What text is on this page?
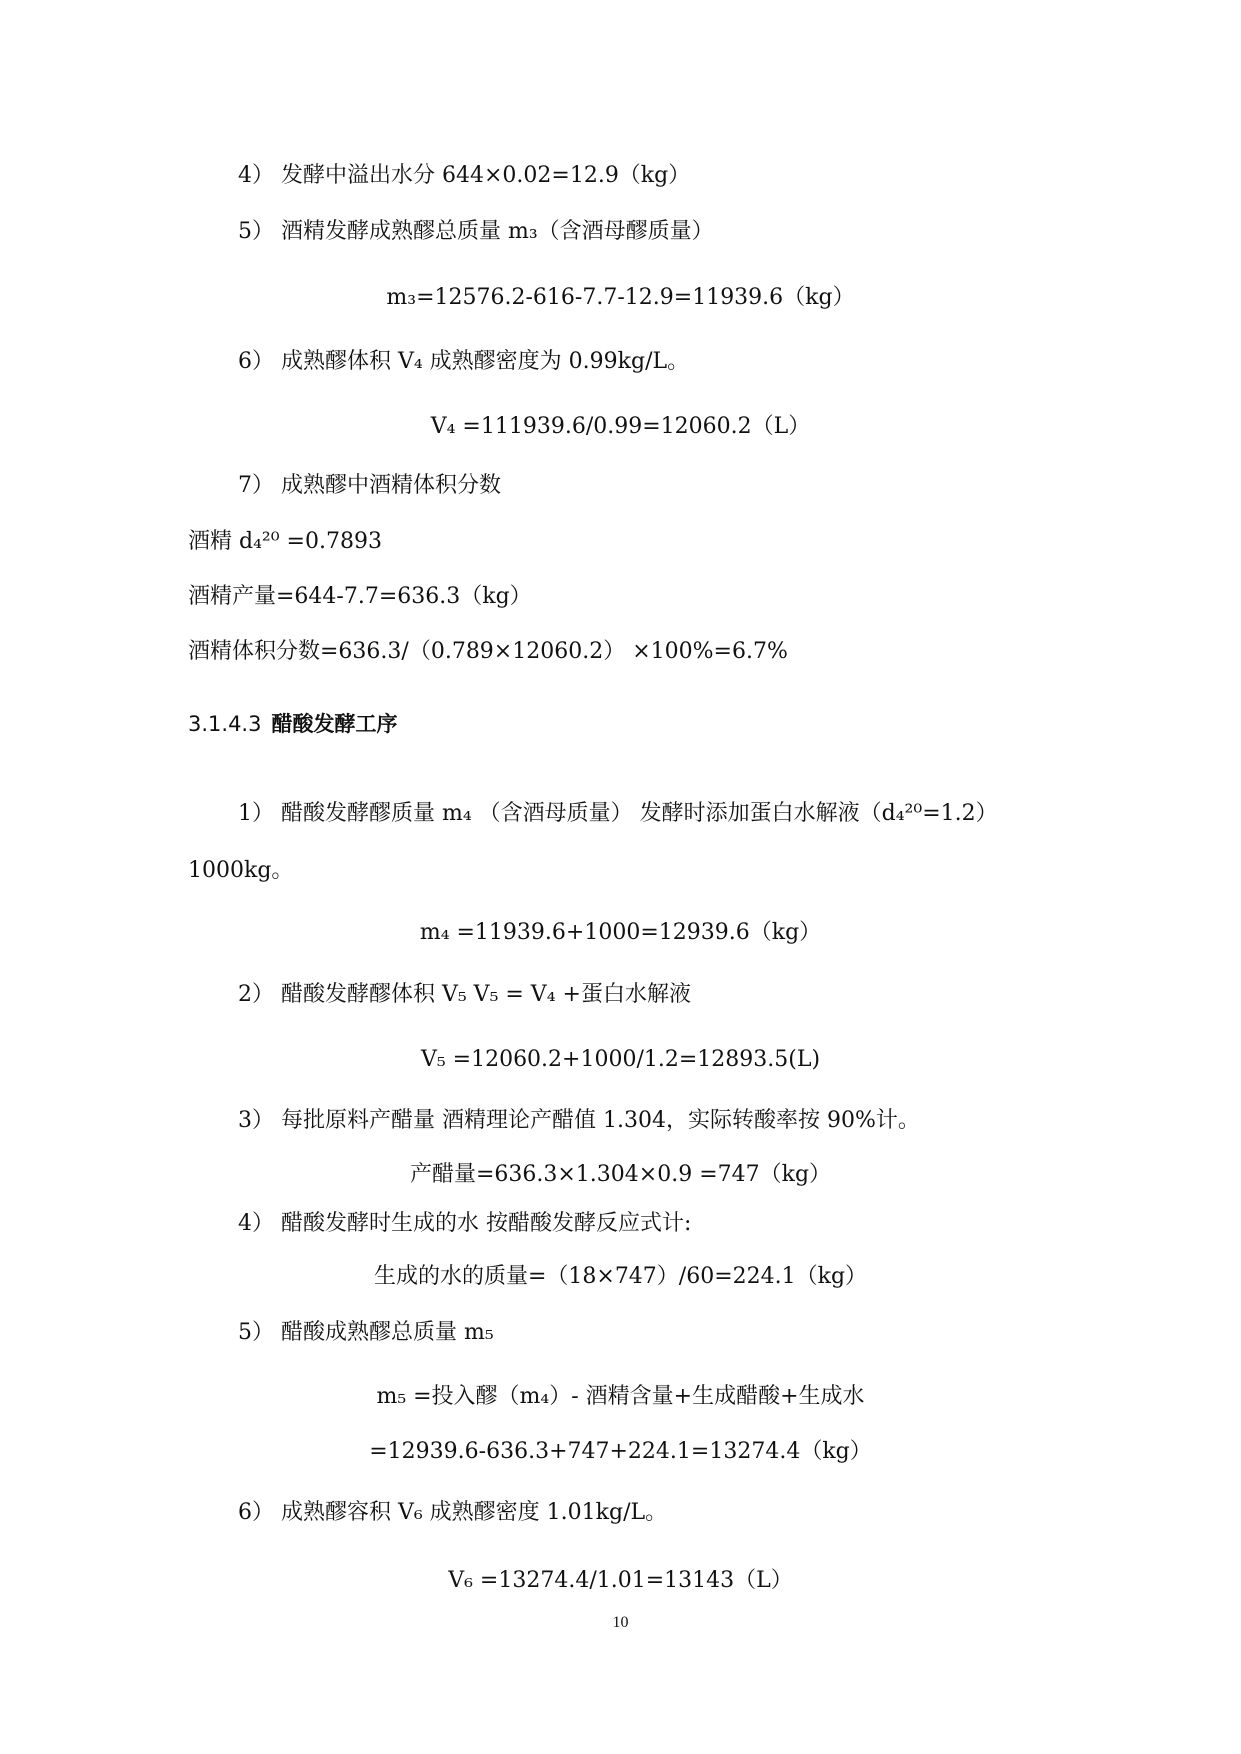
4） 发酵中溢出水分 644×0.02=12.9（kg）
5） 酒精发酵成熟醪总质量 m₃（含酒母醪质量）
m₃=12576.2-616-7.7-12.9=11939.6（kg）
6） 成熟醪体积 V₄ 成熟醪密度为 0.99kg/L。
V₄ =111939.6/0.99=12060.2（L）
7） 成熟醪中酒精体积分数
酒精 d₄²⁰ =0.7893
酒精产量=644-7.7=636.3（kg）
酒精体积分数=636.3/（0.789×12060.2） ×100%=6.7%
3.1.4.3 醋酸发酵工序
1） 醋酸发酵醪质量 m₄ （含酒母质量） 发酵时添加蛋白水解液（d₄²⁰=1.2）
1000kg。
m₄ =11939.6+1000=12939.6（kg）
2） 醋酸发酵醪体积 V₅ V₅ = V₄ +蛋白水解液
V₅ =12060.2+1000/1.2=12893.5(L)
3） 每批原料产醋量 酒精理论产醋值 1.304，实际转酸率按 90%计。
产醋量=636.3×1.304×0.9 =747（kg）
4） 醋酸发酵时生成的水 按醋酸发酵反应式计:
生成的水的质量=（18×747）/60=224.1（kg）
5） 醋酸成熟醪总质量 m₅
m₅ =投入醪（m₄）- 酒精含量+生成醋酸+生成水
=12939.6-636.3+747+224.1=13274.4（kg）
6） 成熟醪容积 V₆ 成熟醪密度 1.01kg/L。
V₆ =13274.4/1.01=13143（L）
10
